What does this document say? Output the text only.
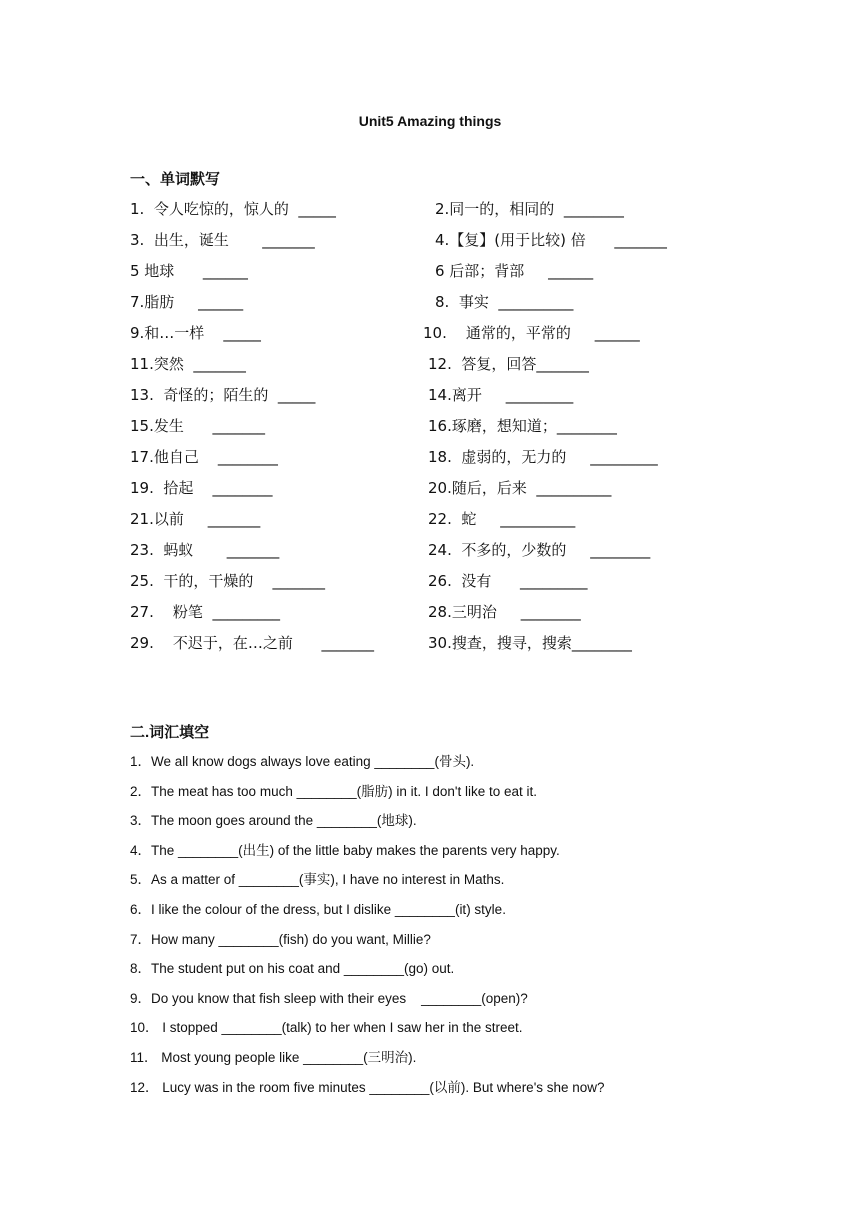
Unit5 Amazing things
一、单词默写
1.  令人吃惊的，惊人的  _____	2.同一的，相同的  ________
3.  出生，诞生       _______	4.【复】(用于比较) 倍      _______
5 地球      ______	6 后部；背部     ______
7.脂肪     ______	8.  事实  __________
9.和…一样    _____	10.    通常的，平常的     ______
11.突然  _______	12.  答复，回答_______
13.  奇怪的；陌生的  _____	14.离开     _________
15.发生      _______	16.琢磨，想知道；________
17.他自己    ________	18.  虚弱的，无力的     _________
19.  拾起    ________	20.随后，后来  __________
21.以前     _______	22.  蛇     __________
23.  蚂蚁       _______	24.  不多的，少数的     ________
25.  干的，干燥的    _______	26.  没有      _________
27.    粉笔  _________	28.三明治     ________
29.    不迟于，在…之前      _______	30.搜查，搜寻，搜索________
二.词汇填空
1．We all know dogs always love eating ________(骨头).
2．The meat has too much ________(脂肪) in it. I don't like to eat it.
3．The moon goes around the ________(地球).
4．The ________(出生) of the little baby makes the parents very happy.
5．As a matter of ________(事实), I have no interest in Maths.
6．I like the colour of the dress, but I dislike ________(it) style.
7．How many ________(fish) do you want, Millie?
8．The student put on his coat and ________(go) out.
9．Do you know that fish sleep with their eyes    ________(open)?
10． I stopped ________(talk) to her when I saw her in the street.
11． Most young people like ________(三明治).
12． Lucy was in the room five minutes ________(以前). But where's she now?
